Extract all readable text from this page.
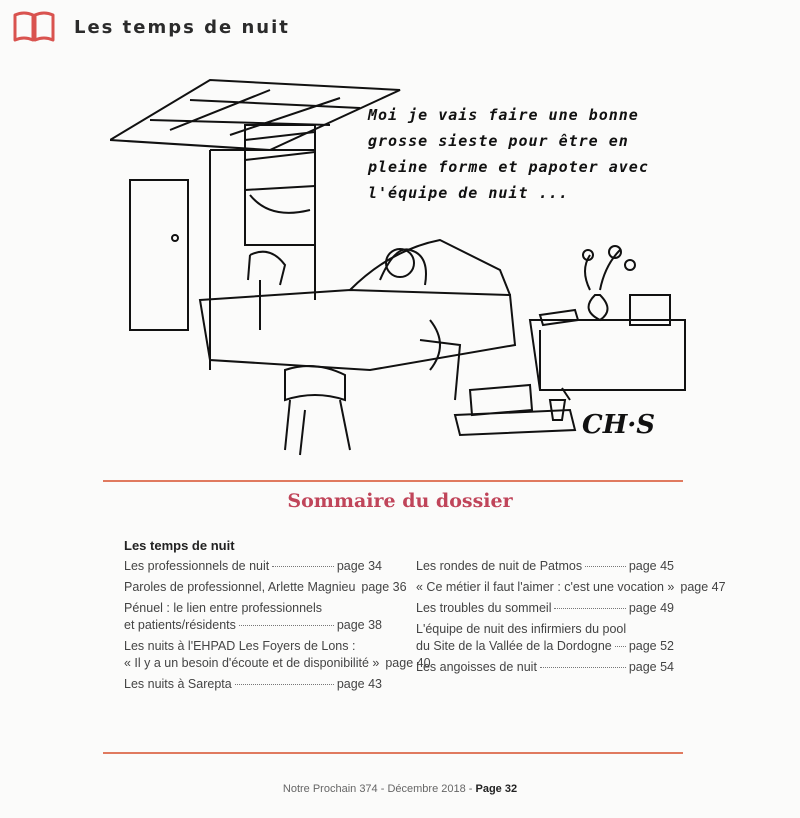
Les temps de nuit
Moi je vais faire une bonne
grosse sieste pour être en
pleine forme et papoter avec
l'équipe de nuit ...
CH·S
Sommaire du dossier
Les temps de nuit
Les professionnels de nuit	page 34
Paroles de professionnel, Arlette Magnieu page 36
Pénuel : le lien entre professionnels
et patients/résidents	page 38
Les nuits à l'EHPAD Les Foyers de Lons :
« Il y a un besoin d'écoute et de disponibilité » page 40
Les nuits à Sarepta	page 43
Les rondes de nuit de Patmos	page 45
« Ce métier il faut l'aimer : c'est une vocation » page 47
Les troubles du sommeil	page 49
L'équipe de nuit des infirmiers du pool
du Site de la Vallée de la Dordogne page 52
Les angoisses de nuit	page 54
Notre Prochain 374 - Décembre 2018 - Page 32
